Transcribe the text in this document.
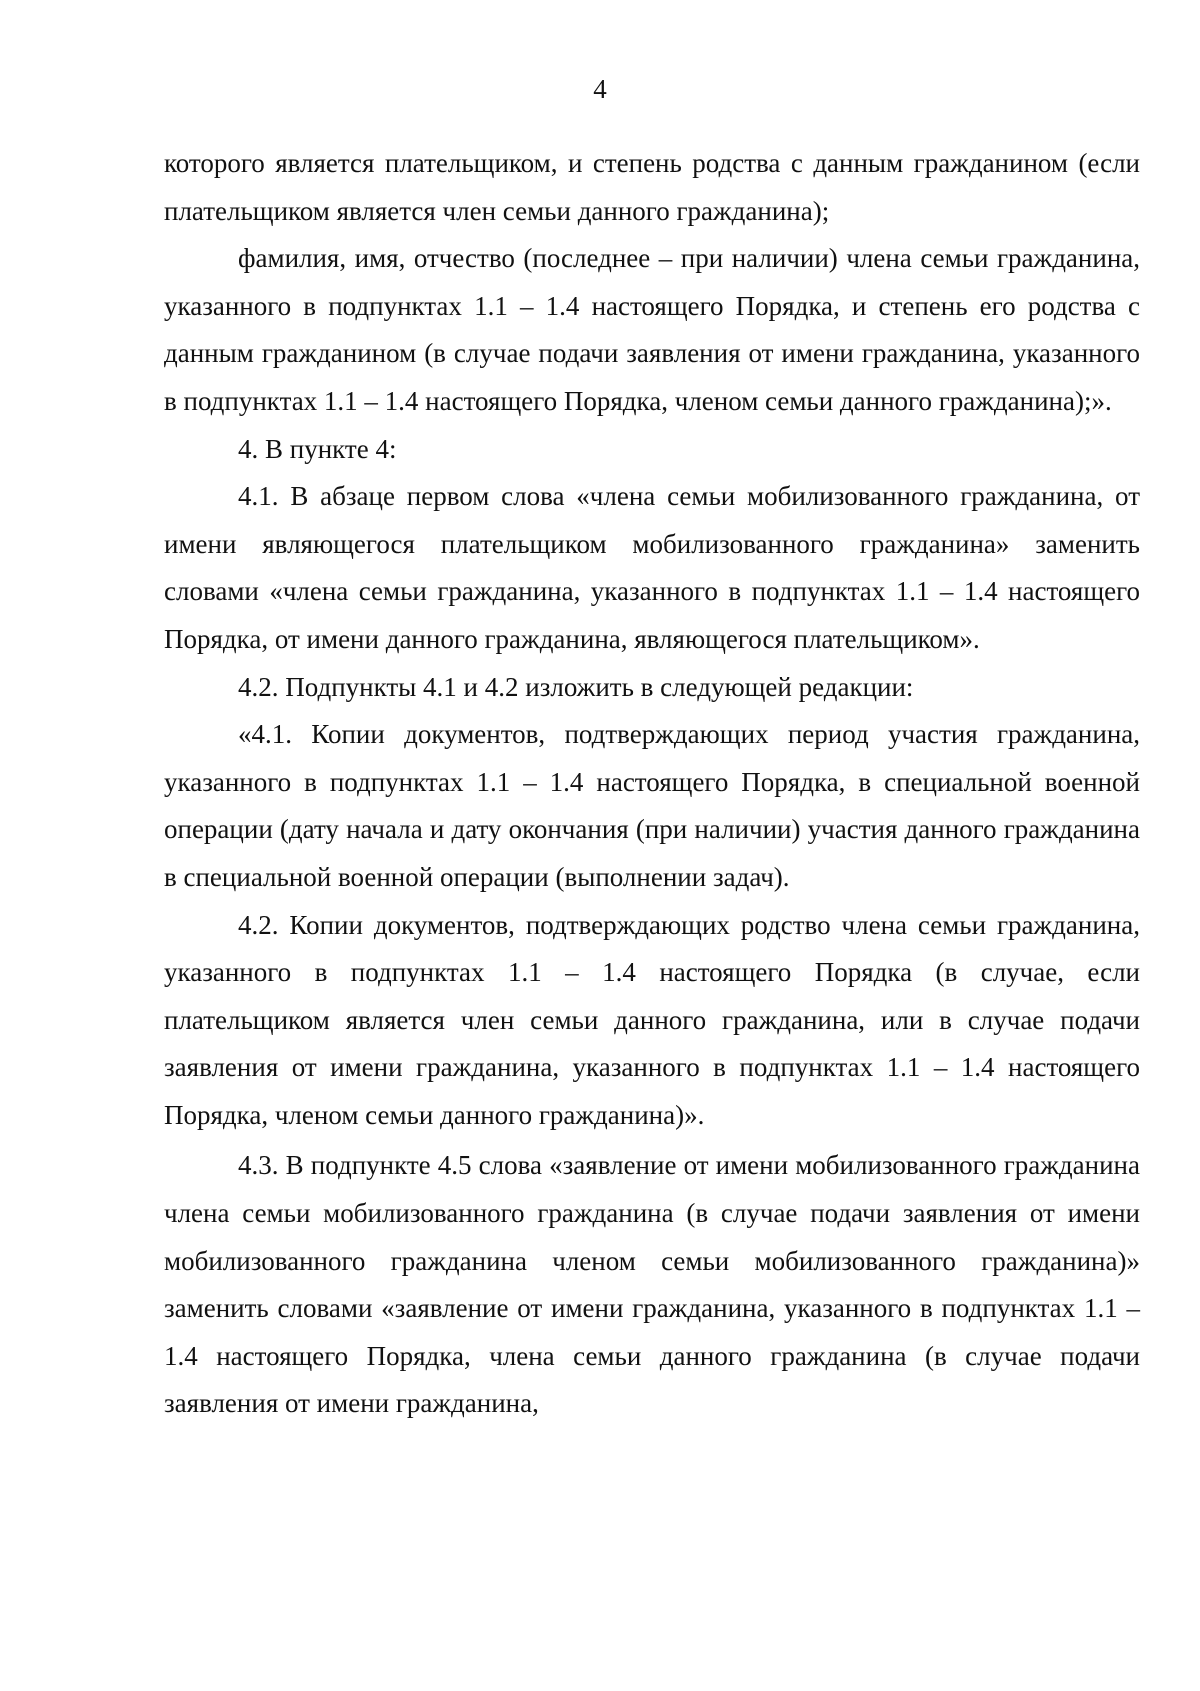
4

которого является плательщиком, и степень родства с данным гражданином (если плательщиком является член семьи данного гражданина);

фамилия, имя, отчество (последнее – при наличии) члена семьи гражданина, указанного в подпунктах 1.1 – 1.4 настоящего Порядка, и степень его родства с данным гражданином (в случае подачи заявления от имени гражданина, указанного в подпунктах 1.1 – 1.4 настоящего Порядка, членом семьи данного гражданина);».

4. В пункте 4:

4.1. В абзаце первом слова «члена семьи мобилизованного гражданина, от имени являющегося плательщиком мобилизованного гражданина» заменить словами «члена семьи гражданина, указанного в подпунктах 1.1 – 1.4 настоящего Порядка, от имени данного гражданина, являющегося плательщиком».

4.2. Подпункты 4.1 и 4.2 изложить в следующей редакции:

«4.1. Копии документов, подтверждающих период участия гражданина, указанного в подпунктах 1.1 – 1.4 настоящего Порядка, в специальной военной операции (дату начала и дату окончания (при наличии) участия данного гражданина в специальной военной операции (выполнении задач).

4.2. Копии документов, подтверждающих родство члена семьи гражданина, указанного в подпунктах 1.1 – 1.4 настоящего Порядка (в случае, если плательщиком является член семьи данного гражданина, или в случае подачи заявления от имени гражданина, указанного в подпунктах 1.1 – 1.4 настоящего Порядка, членом семьи данного гражданина)».

4.3. В подпункте 4.5 слова «заявление от имени мобилизованного гражданина члена семьи мобилизованного гражданина (в случае подачи заявления от имени мобилизованного гражданина членом семьи мобилизованного гражданина)» заменить словами «заявление от имени гражданина, указанного в подпунктах 1.1 – 1.4 настоящего Порядка, члена семьи данного гражданина (в случае подачи заявления от имени гражданина,
